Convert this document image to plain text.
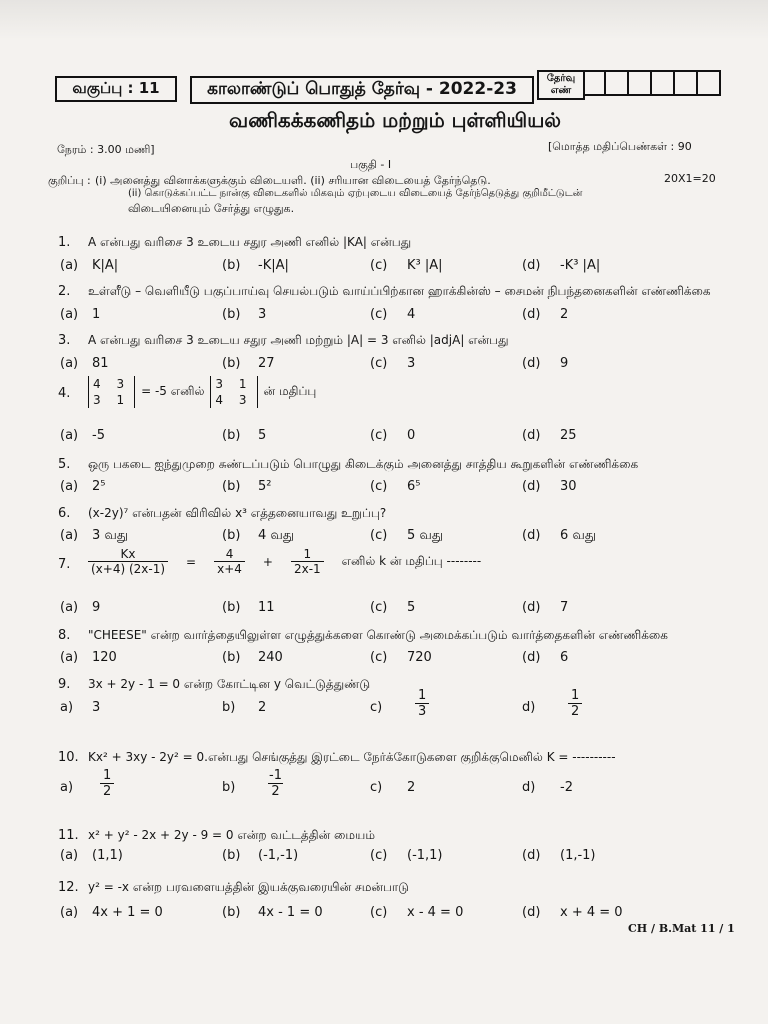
வகுப்பு : 11	காலாண்டுப் பொதுத் தேர்வு - 2022-23
தேர்வு
எண்
வணிகக்கணிதம் மற்றும் புள்ளியியல்
நேரம் : 3.00 மணி]	[மொத்த மதிப்பெண்கள் : 90
பகுதி - I
குறிப்பு : (i) அனைத்து வினாக்களுக்கும் விடையளி. (ii) சரியான விடையைத் தேர்ந்தெடு.	20X1=20
(ii) கொடுக்கப்பட்ட நான்கு விடைகளில் மிகவும் ஏற்புடைய விடையைத் தேர்ந்தெடுத்து குறிமீட்டுடன்
விடையினையும் சேர்த்து எழுதுக.
1. A என்பது வரிசை 3 உடைய சதுர அணி எனில் |KA| என்பது
(a) K|A|	(b) -K|A|	(c) K³ |A|	(d) -K³ |A|
2. உள்ளீடு – வெளியீடு பகுப்பாய்வு செயல்படும் வாய்ப்பிற்கான ஹாக்கின்ஸ் – சைமன் நிபந்தனைகளின் எண்ணிக்கை
(a) 1	(b) 3	(c) 4	(d) 2
3. A என்பது வரிசை 3 உடைய சதுர அணி மற்றும் |A| = 3 எனில் |adjA| என்பது
(a) 81	(b) 27	(c) 3	(d) 9
4.
4 3
3 1
= -5 எனில் 3 1
4 3
ன் மதிப்பு
(a) -5	(b) 5	(c) 0	(d) 25
5. ஒரு பகடை ஐந்துமுறை சுண்டப்படும் பொழுது கிடைக்கும் அனைத்து சாத்திய கூறுகளின் எண்ணிக்கை
(a) 2⁵	(b) 5²	(c) 6⁵	(d) 30
6. (x-2y)⁷ என்பதன் விரிவில் x³ எத்தனையாவது உறுப்பு?
(a) 3 வது	(b) 4 வது	(c) 5 வது	(d) 6 வது
7. $\frac{Kx}{(x+4) (2x-1)} = \frac{4}{x+4} + \frac{1}{2x-1}$ எனில் k ன் மதிப்பு --------
(a) 9	(b) 11	(c) 5	(d) 7
8. "CHEESE" என்ற வார்த்தையிலுள்ள எழுத்துக்களை கொண்டு அமைக்கப்படும் வார்த்தைகளின் எண்ணிக்கை
(a) 120	(b) 240	(c) 720	(d) 6
9. 3x + 2y - 1 = 0 என்ற கோட்டின y வெட்டுத்துண்டு
a) 3	b) 2	c)	$\frac{1}{3}$	d)	$\frac{1}{2}$
10. Kx² + 3xy - 2y² = 0.என்பது செங்குத்து இரட்டை நேர்க்கோடுகளை குறிக்குமெனில் K = ----------
$a) \frac{1}{2}$	$b) \frac{-1}{2}$	c) 2	d) -2
11. x² + y² - 2x + 2y - 9 = 0 என்ற வட்டத்தின் மையம்
(a) (1,1)	(b) (-1,-1)	(c) (-1,1)	(d) (1,-1)
12. y² = -x என்ற பரவளையத்தின் இயக்குவரையின் சமன்பாடு
(a) 4x + 1 = 0	(b) 4x - 1 = 0	(c) x - 4 = 0	(d) x + 4 = 0
CH / B.Mat 11 / 1
